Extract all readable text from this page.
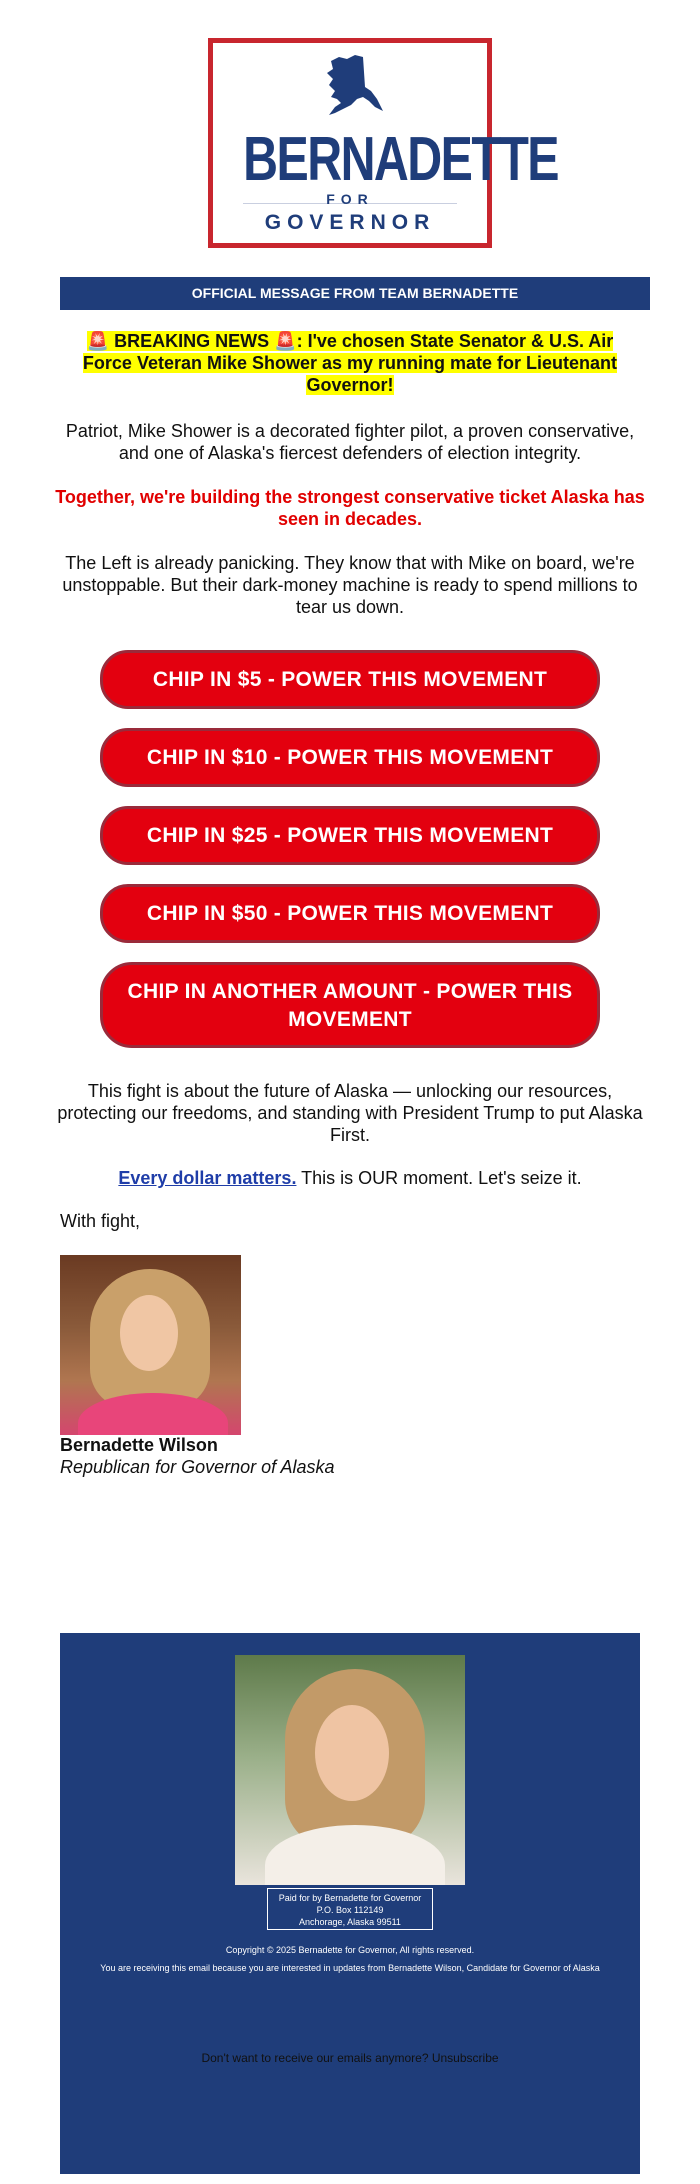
BERNADETTE
FOR
GOVERNOR
OFFICIAL MESSAGE FROM TEAM BERNADETTE
🚨 BREAKING NEWS 🚨: I've chosen State Senator & U.S. Air Force Veteran Mike Shower as my running mate for Lieutenant Governor!
Patriot, Mike Shower is a decorated fighter pilot, a proven conservative, and one of Alaska's fiercest defenders of election integrity.
Together, we're building the strongest conservative ticket Alaska has seen in decades.
The Left is already panicking. They know that with Mike on board, we're unstoppable. But their dark-money machine is ready to spend millions to tear us down.
CHIP IN $5 - POWER THIS MOVEMENT
CHIP IN $10 - POWER THIS MOVEMENT
CHIP IN $25 - POWER THIS MOVEMENT
CHIP IN $50 - POWER THIS MOVEMENT
CHIP IN ANOTHER AMOUNT - POWER THIS MOVEMENT
This fight is about the future of Alaska — unlocking our resources, protecting our freedoms, and standing with President Trump to put Alaska First.
Every dollar matters. This is OUR moment. Let's seize it.
With fight,
Bernadette Wilson
Republican for Governor of Alaska
Paid for by Bernadette for Governor
P.O. Box 112149
Anchorage, Alaska 99511
Copyright © 2025 Bernadette for Governor, All rights reserved.
You are receiving this email because you are interested in updates from Bernadette Wilson, Candidate for Governor of Alaska
Don't want to receive our emails anymore? Unsubscribe
